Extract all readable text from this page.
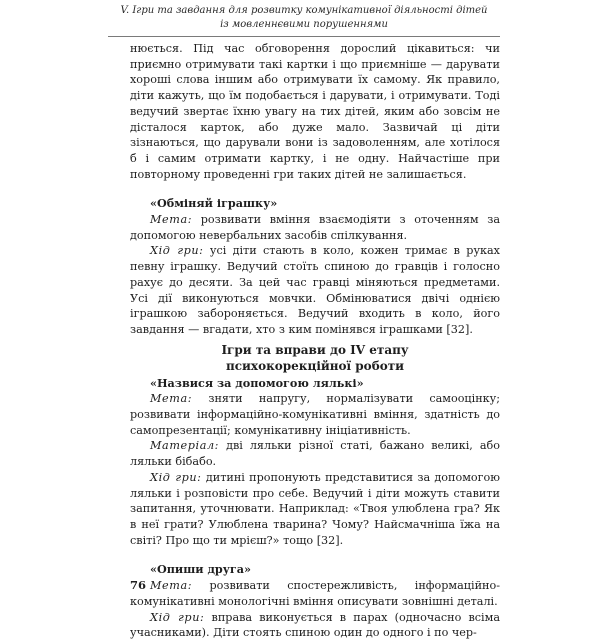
V. Ігри та завдання для розвитку комунікативної діяльності дітей
із мовленнєвими порушеннями

нюється. Під час обговорення дорослий цікавиться: чи приємно отримувати такі картки і що приємніше — дарувати хороші слова іншим або отримувати їх самому. Як правило, діти кажуть, що їм подобається і дарувати, і отримувати. Тоді ведучий звертає їхню увагу на тих дітей, яким або зовсім не дісталося карток, або дуже мало. Зазвичай ці діти зізнаються, що дарували вони із задоволенням, але хотілося б і самим отримати картку, і не одну. Найчастіше при повторному проведенні гри таких дітей не залишається.

«Обміняй іграшку»

Мета: розвивати вміння взаємодіяти з оточенням за допомогою невербальних засобів спілкування.

Хід гри: усі діти стають в коло, кожен тримає в руках певну іграшку. Ведучий стоїть спиною до гравців і голосно рахує до десяти. За цей час гравці міняються предметами. Усі дії виконуються мовчки. Обмінюватися двічі однією іграшкою забороняється. Ведучий входить в коло, його завдання — вгадати, хто з ким помінявся іграшками [32].

Ігри та вправи до IV етапу
психокорекційної роботи

«Назвися за допомогою лялькі»

Мета: зняти напругу, нормалізувати самооцінку; розвивати інформаційно-комунікативні вміння, здатність до самопрезентації; комунікативну ініціативність.

Матеріал: дві ляльки різної статі, бажано великі, або ляльки бібабо.

Хід гри: дитині пропонують представитися за допомогою ляльки і розповісти про себе. Ведучий і діти можуть ставити запитання, уточнювати. Наприклад: «Твоя улюблена гра? Як в неї грати? Улюблена тварина? Чому? Найсмачніша їжа на світі? Про що ти мрієш?» тощо [32].

«Опиши друга»

Мета: розвивати спостережливість, інформаційно-комунікативні монологічні вміння описувати зовнішні деталі.

Хід гри: вправа виконується в парах (одночасно всіма учасниками). Діти стоять спиною один до одного і по чер-

76
